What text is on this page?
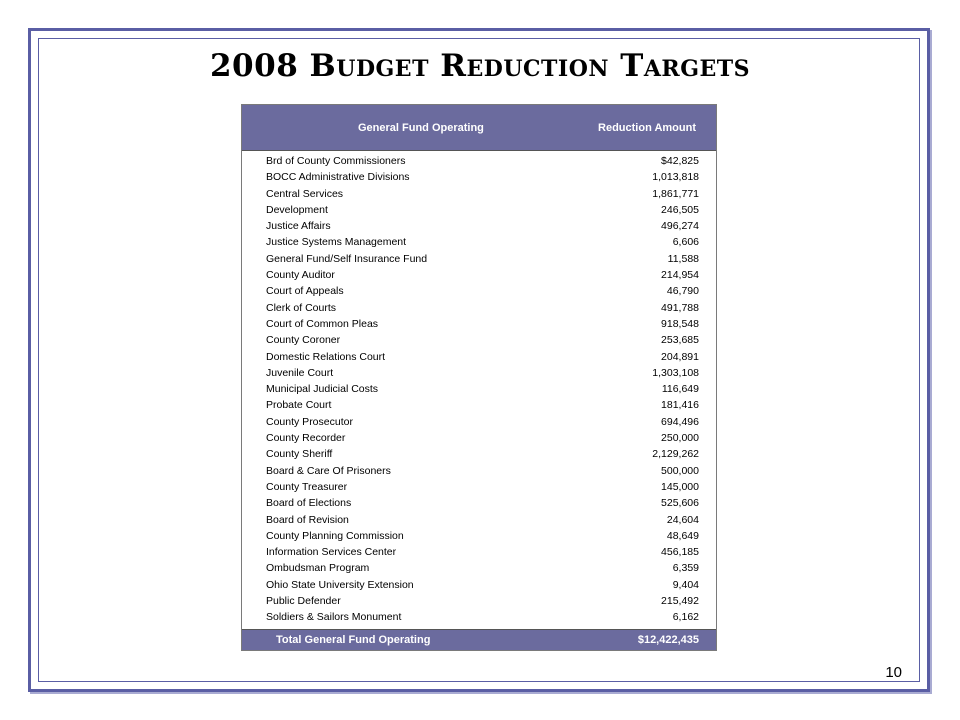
2008 Budget Reduction Targets
General Fund Operating	Reduction Amount
Brd of County Commissioners	$42,825
BOCC Administrative Divisions	1,013,818
Central Services	1,861,771
Development	246,505
Justice Affairs	496,274
Justice Systems Management	6,606
General Fund/Self Insurance Fund	11,588
County Auditor	214,954
Court of Appeals	46,790
Clerk of Courts	491,788
Court of Common Pleas	918,548
County Coroner	253,685
Domestic Relations Court	204,891
Juvenile Court	1,303,108
Municipal Judicial Costs	116,649
Probate Court	181,416
County Prosecutor	694,496
County Recorder	250,000
County Sheriff	2,129,262
Board & Care Of Prisoners	500,000
County Treasurer	145,000
Board of Elections	525,606
Board of Revision	24,604
County Planning Commission	48,649
Information Services Center	456,185
Ombudsman Program	6,359
Ohio State University Extension	9,404
Public Defender	215,492
Soldiers & Sailors Monument	6,162
Total General Fund Operating	$12,422,435
10
